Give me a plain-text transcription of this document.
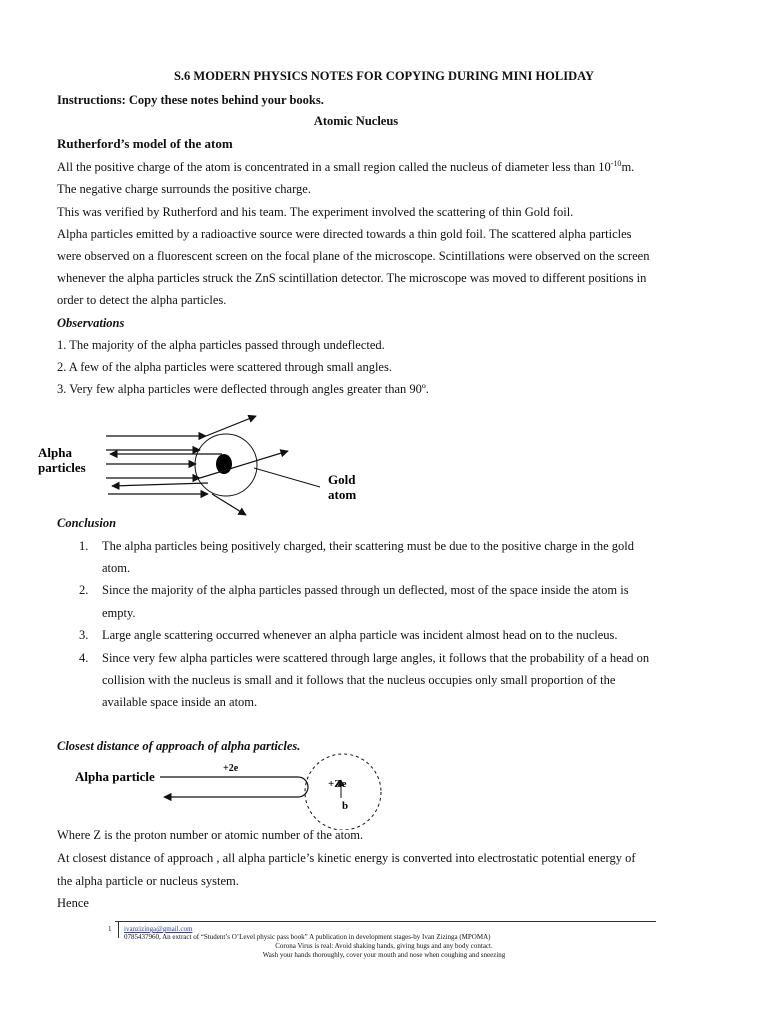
S.6 MODERN PHYSICS NOTES FOR COPYING DURING MINI HOLIDAY
Instructions: Copy these notes behind your books.
Atomic Nucleus
Rutherford’s model of the atom
All the positive charge of the atom is concentrated in a small region called the nucleus of diameter less than $10^{-10}m$.
The negative charge surrounds the positive charge.
This was verified by Rutherford and his team. The experiment involved the scattering of thin Gold foil.
Alpha particles emitted by a radioactive source were directed towards a thin gold foil. The scattered alpha particles
were observed on a fluorescent screen on the focal plane of the microscope. Scintillations were observed on the screen
whenever the alpha particles struck the ZnS scintillation detector. The microscope was moved to different positions in
order to detect the alpha particles.
Observations
1. The majority of the alpha particles passed through undeflected.
2. A few of the alpha particles were scattered through small angles.
3. Very few alpha particles were deflected through angles greater than 90º.
Alpha
particles
Gold
atom
Conclusion
1. The alpha particles being positively charged, their scattering must be due to the positive charge in the gold
atom.
2. Since the majority of the alpha particles passed through un deflected, most of the space inside the atom is
empty.
3. Large angle scattering occurred whenever an alpha particle was incident almost head on to the nucleus.
4. Since very few alpha particles were scattered through large angles, it follows that the probability of a head on
collision with the nucleus is small and it follows that the nucleus occupies only small proportion of the
available space inside an atom.
Closest distance of approach of alpha particles.
Alpha particle
+2e
+Ze
b
Where Z is the proton number or atomic number of the atom.
At closest distance of approach , all alpha particle’s kinetic energy is converted into electrostatic potential energy of
the alpha particle or nucleus system.
Hence
1 ivanzizinga@gmail.com
0785437960, An extract of “Student’s O’Level physic pass book” A publication in development stages-by Ivan Zizinga (MPOMA)
Corona Virus is real: Avoid shaking hands, giving hugs and any body contact.
Wash your hands thoroughly, cover your mouth and nose when coughing and sneezing
